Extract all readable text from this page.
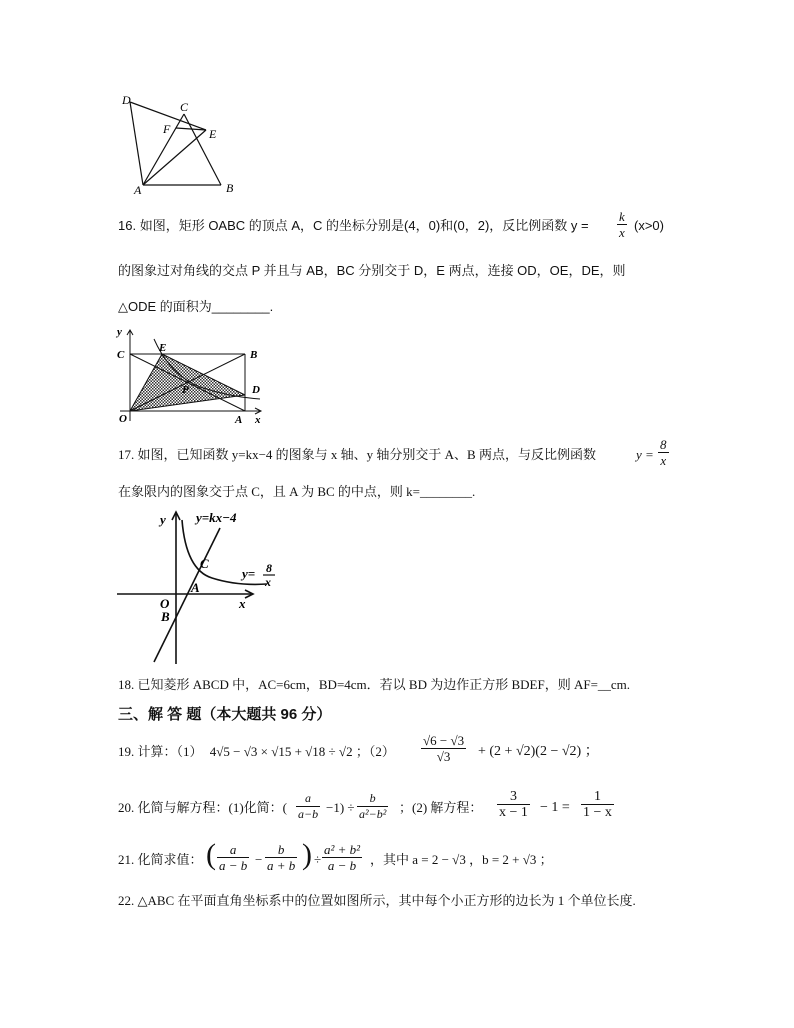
D	C
F	E
A	B
16. 如图，矩形 OABC 的顶点 A，C 的坐标分别是(4，0)和(0，2)，反比例函数 $y = \frac{k}{x} (x>0)$
的图象过对角线的交点 P 并且与 AB，BC 分别交于 D，E 两点，连接 OD，OE，DE，则
△ODE 的面积为________.
y
C
E
B
P	D
O	A x
17. 如图，已知函数 y=kx−4 的图象与 x 轴、y 轴分别交于 A、B 两点，与反比例函数	$y = \frac{8}{x}$
在象限内的图象交于点 C，且 A 为 BC 的中点，则 k=________.
y y=kx−4
C
y= 8
x
A
O	x
B
18. 已知菱形 ABCD 中，AC=6cm，BD=4cm．若以 BD 为边作正方形 BDEF，则 AF=__cm.
三、解 答 题（本大题共 96 分）
19. 计算：（1） 4√5 − √3 × √15 + √18 ÷ √2 ；$(2) \frac{√6 - √3}{√3} + (2 + √2)(2 - √2)$ ；
20. 化简与解方程：(1)化简：( $\frac{a}{a-b} -1) \div \frac{b}{\text{a²−b²}}$ ；(2) 解方程： $\frac{3}{x - 1} - 1 = \frac{1}{1 - x}$
21. 化简求值： ( $\frac{a}{a - b} - \frac{b}{a + b}$ ) ÷ $\frac{\text{a² + b²}}{a - b}$ ，其中 a = 2 − √3 ，b = 2 + √3 ；
22. △ABC 在平面直角坐标系中的位置如图所示，其中每个小正方形的边长为 1 个单位长度.
